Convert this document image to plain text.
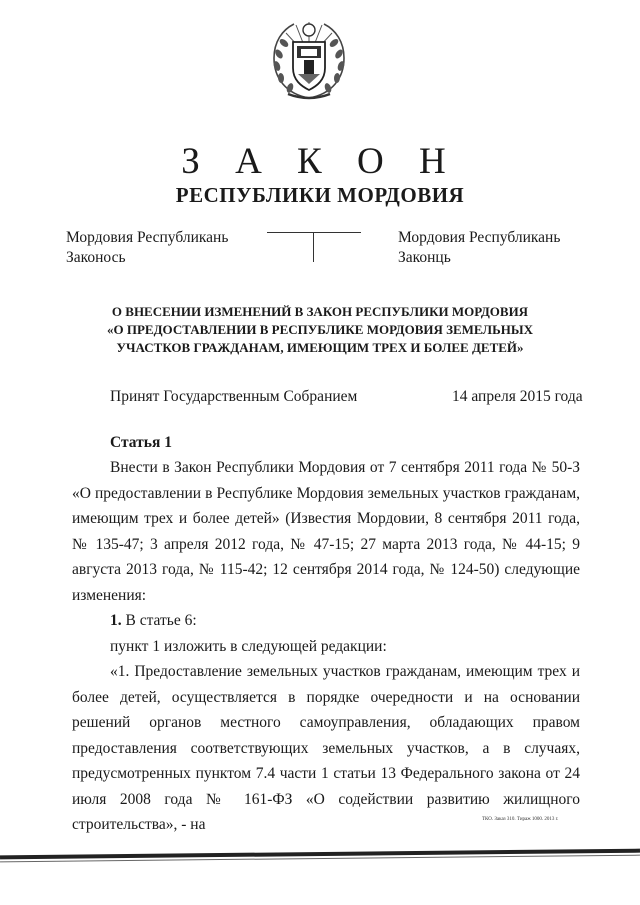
З А К О Н
РЕСПУБЛИКИ МОРДОВИЯ
Мордовия Республикань
Законось
Мордовия Республикань
Законць
О ВНЕСЕНИИ ИЗМЕНЕНИЙ В ЗАКОН РЕСПУБЛИКИ МОРДОВИЯ
«О ПРЕДОСТАВЛЕНИИ В РЕСПУБЛИКЕ МОРДОВИЯ ЗЕМЕЛЬНЫХ
УЧАСТКОВ ГРАЖДАНАМ, ИМЕЮЩИМ ТРЕХ И БОЛЕЕ ДЕТЕЙ»
Принят Государственным Собранием	14 апреля 2015 года
Статья 1

Внести в Закон Республики Мордовия от 7 сентября 2011 года № 50-З «О предоставлении в Республике Мордовия земельных участков гражданам, имеющим трех и более детей» (Известия Мордовии, 8 сентября 2011 года, № 135-47; 3 апреля 2012 года, № 47-15; 27 марта 2013 года, № 44-15; 9 августа 2013 года, № 115-42; 12 сентября 2014 года, № 124-50) следующие изменения:

1. В статье 6:

пункт 1 изложить в следующей редакции:

«1. Предоставление земельных участков гражданам, имеющим трех и более детей, осуществляется в порядке очередности и на основании решений органов местного самоуправления, обладающих правом предоставления соответствующих земельных участков, а в случаях, предусмотренных пунктом 7.4 части 1 статьи 13 Федерального закона от 24 июля 2008 года № 161-ФЗ «О содействии развитию жилищного строительства», - на	ТКО. Заказ 310. Тираж 1000. 2013 г.
